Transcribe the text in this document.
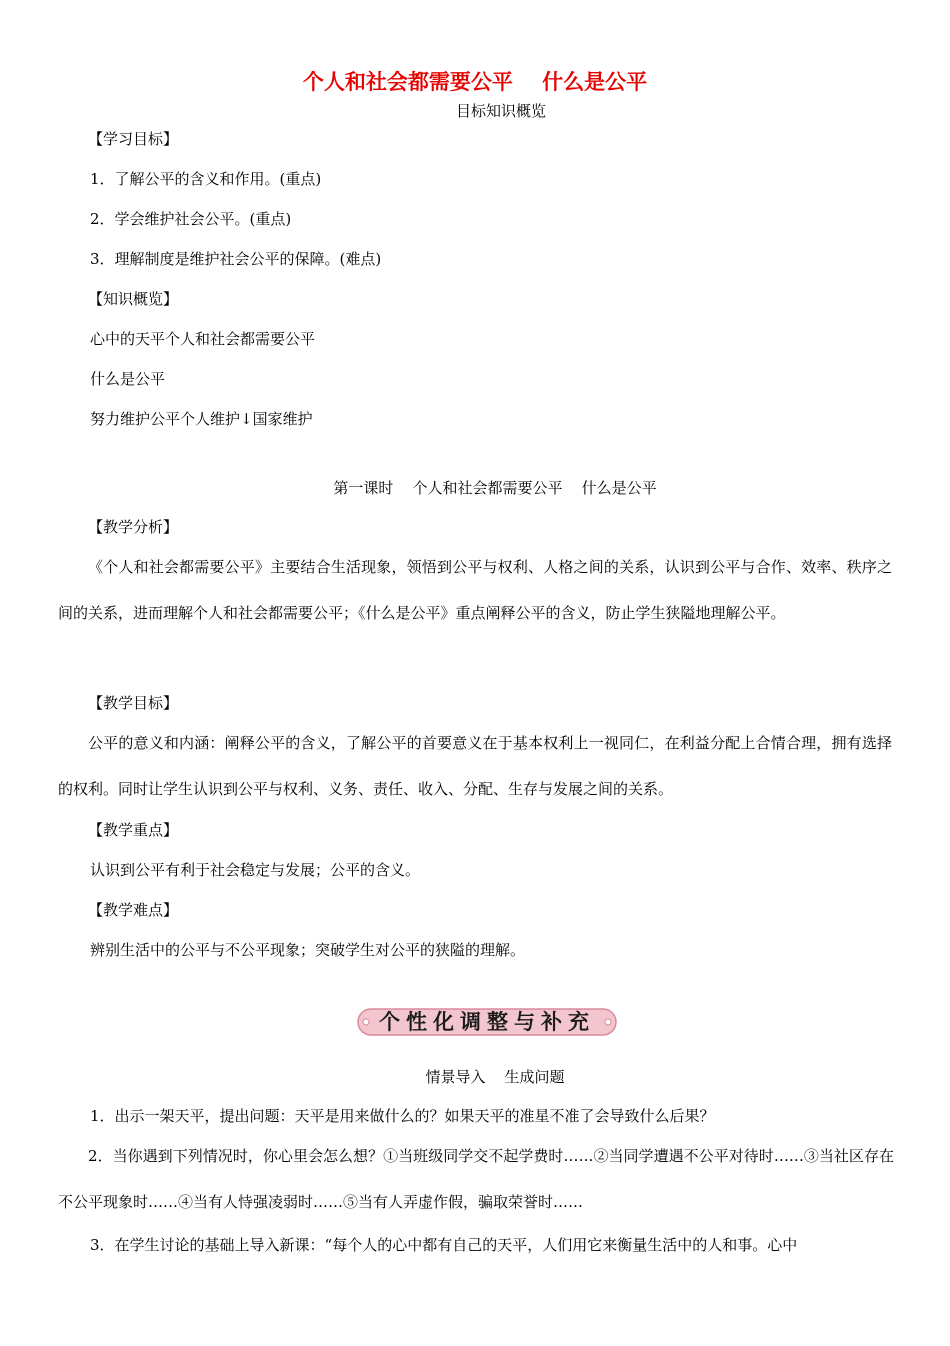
个人和社会都需要公平    什么是公平
目标知识概览
【学习目标】
1．了解公平的含义和作用。(重点)
2．学会维护社会公平。(重点)
3．理解制度是维护社会公平的保障。(难点)
【知识概览】
心中的天平个人和社会都需要公平
什么是公平
努力维护公平个人维护↓国家维护
第一课时    个人和社会都需要公平    什么是公平
【教学分析】
《个人和社会都需要公平》主要结合生活现象，领悟到公平与权利、人格之间的关系，认识到公平与合作、效率、秩序之间的关系，进而理解个人和社会都需要公平；《什么是公平》重点阐释公平的含义，防止学生狭隘地理解公平。
【教学目标】
公平的意义和内涵：阐释公平的含义，了解公平的首要意义在于基本权利上一视同仁，在利益分配上合情合理，拥有选择的权利。同时让学生认识到公平与权利、义务、责任、收入、分配、生存与发展之间的关系。
【教学重点】
认识到公平有利于社会稳定与发展；公平的含义。
【教学难点】
辨别生活中的公平与不公平现象；突破学生对公平的狭隘的理解。
个性化调整与补充
情景导入    生成问题
1．出示一架天平，提出问题：天平是用来做什么的？如果天平的准星不准了会导致什么后果？
2．当你遇到下列情况时，你心里会怎么想？①当班级同学交不起学费时……②当同学遭遇不公平对待时……③当社区存在不公平现象时……④当有人恃强凌弱时……⑤当有人弄虚作假，骗取荣誉时……
3．在学生讨论的基础上导入新课：“每个人的心中都有自己的天平，人们用它来衡量生活中的人和事。心中
